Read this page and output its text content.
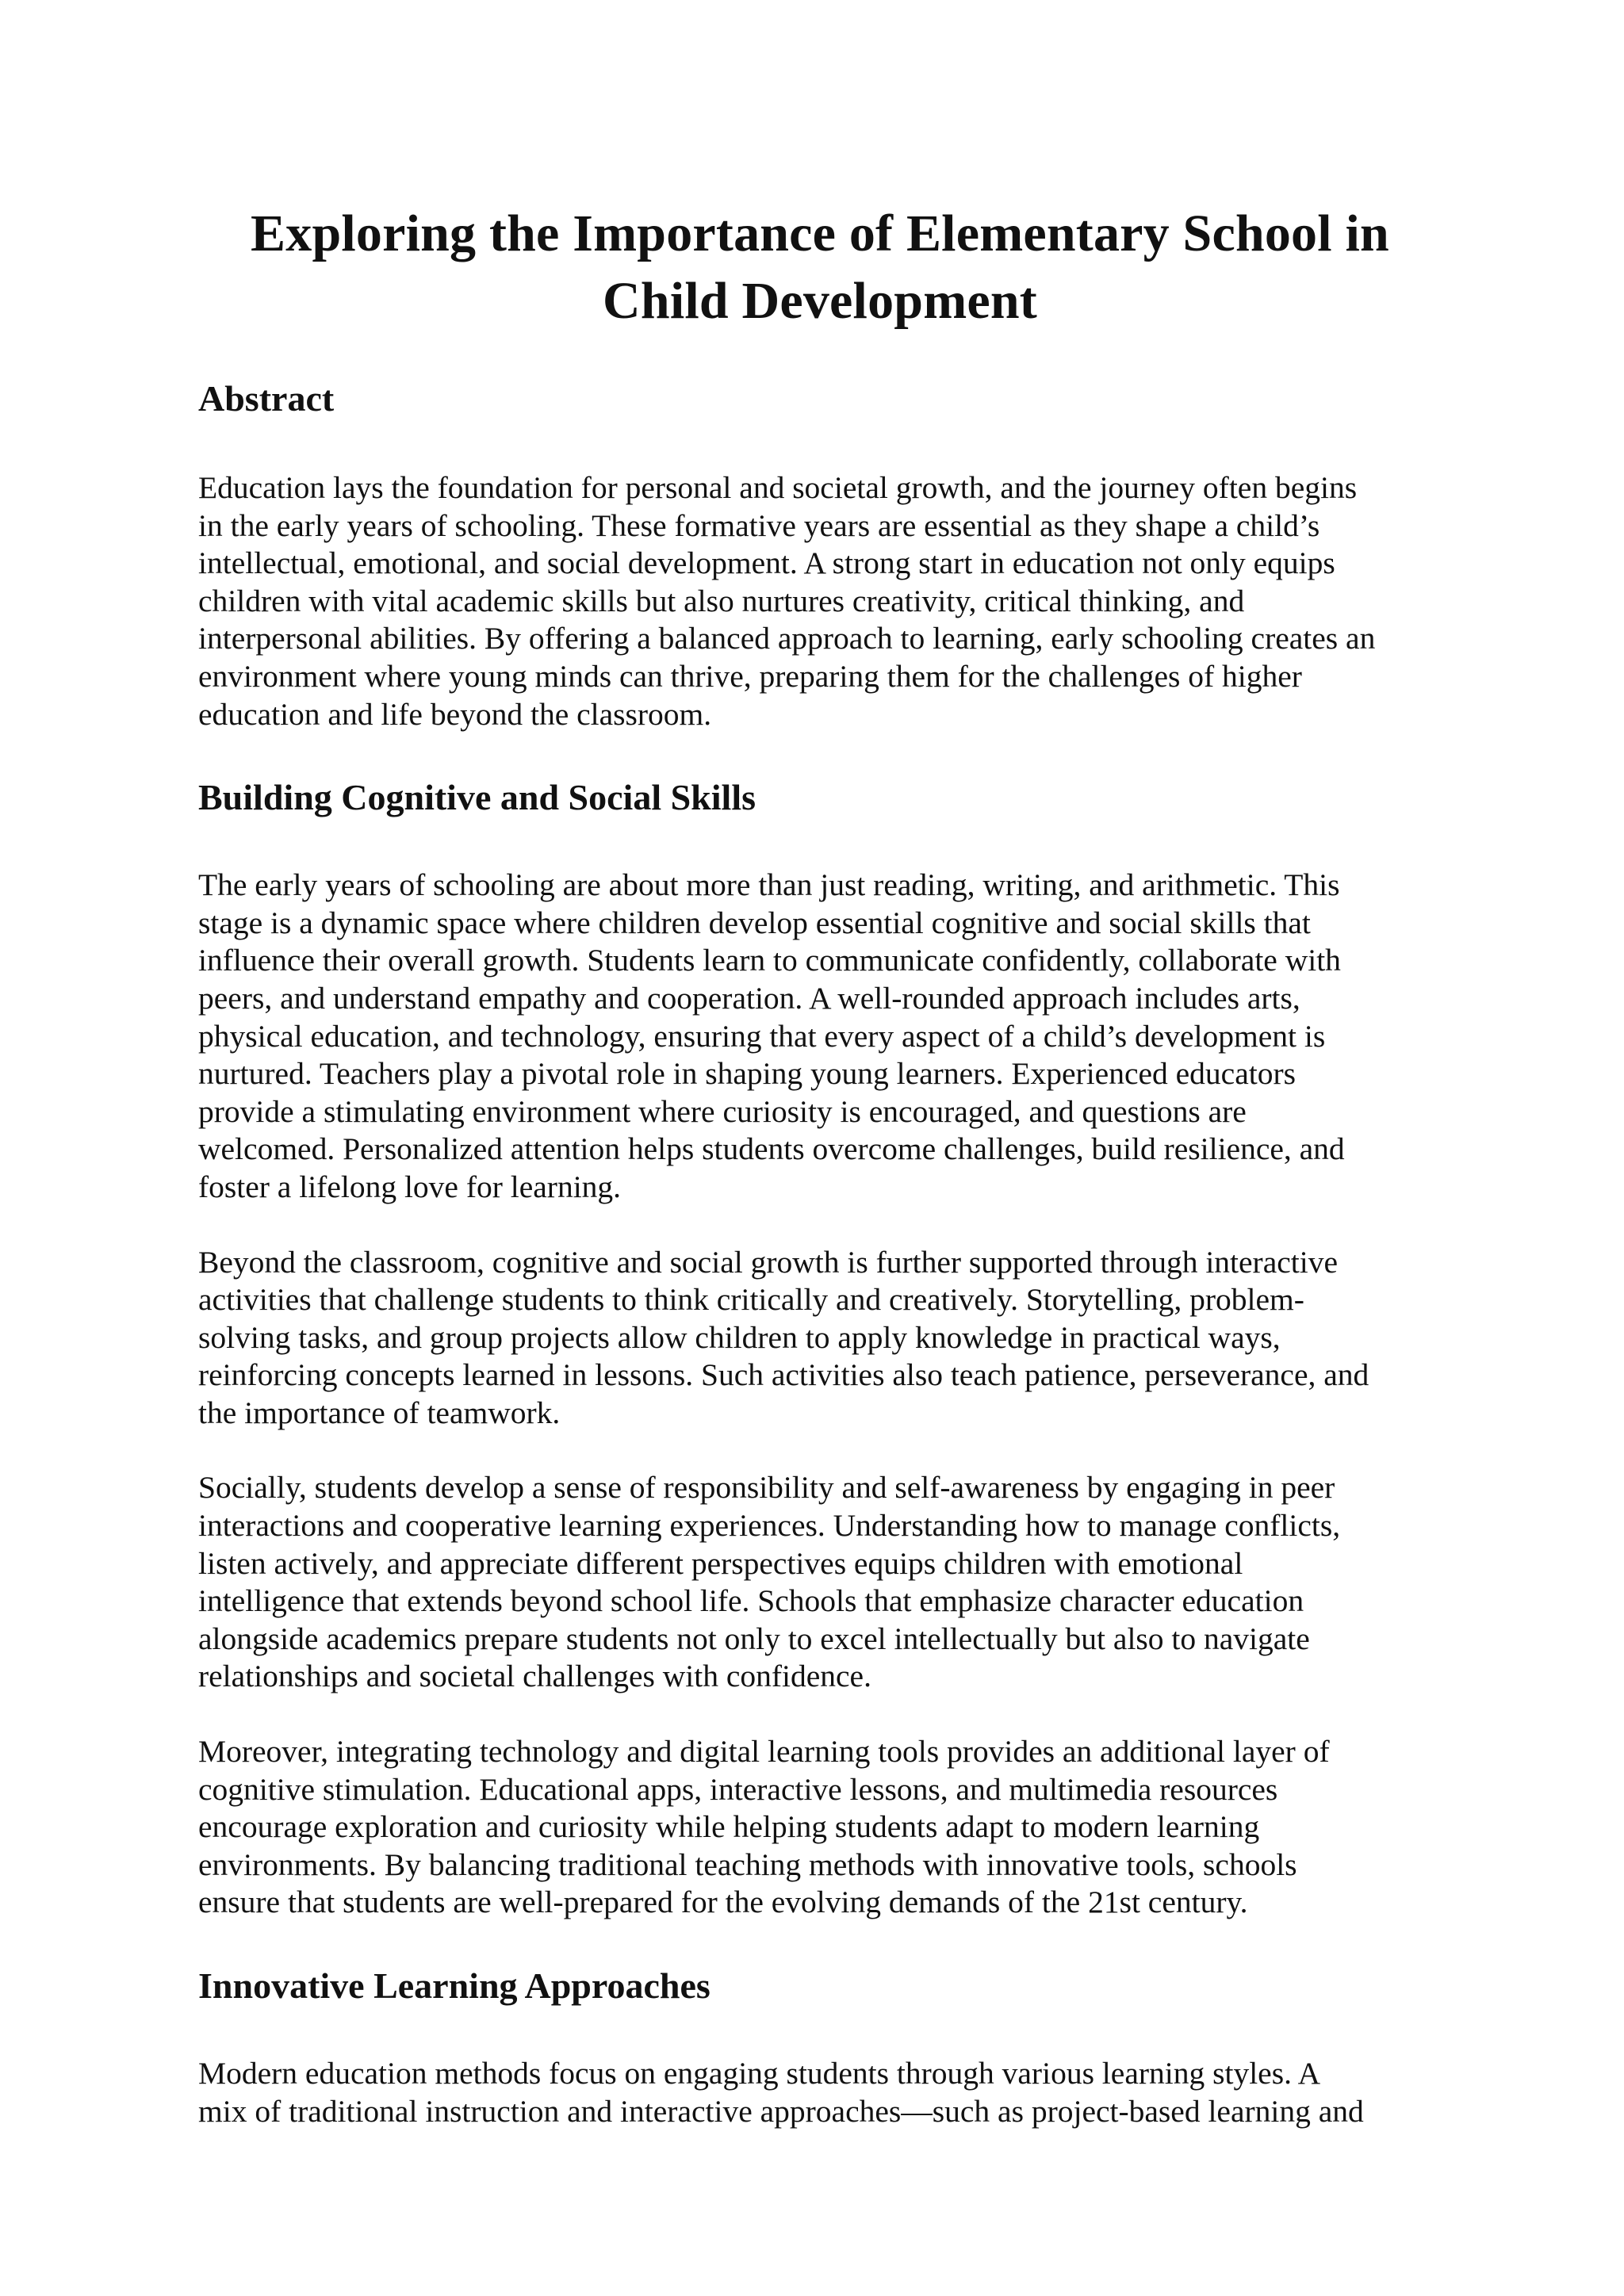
Exploring the Importance of Elementary School in
Child Development
Abstract

Education lays the foundation for personal and societal growth, and the journey often begins
in the early years of schooling. These formative years are essential as they shape a child’s
intellectual, emotional, and social development. A strong start in education not only equips
children with vital academic skills but also nurtures creativity, critical thinking, and
interpersonal abilities. By offering a balanced approach to learning, early schooling creates an
environment where young minds can thrive, preparing them for the challenges of higher
education and life beyond the classroom.

Building Cognitive and Social Skills

The early years of schooling are about more than just reading, writing, and arithmetic. This
stage is a dynamic space where children develop essential cognitive and social skills that
influence their overall growth. Students learn to communicate confidently, collaborate with
peers, and understand empathy and cooperation. A well-rounded approach includes arts,
physical education, and technology, ensuring that every aspect of a child’s development is
nurtured. Teachers play a pivotal role in shaping young learners. Experienced educators
provide a stimulating environment where curiosity is encouraged, and questions are
welcomed. Personalized attention helps students overcome challenges, build resilience, and
foster a lifelong love for learning.

Beyond the classroom, cognitive and social growth is further supported through interactive
activities that challenge students to think critically and creatively. Storytelling, problem-
solving tasks, and group projects allow children to apply knowledge in practical ways,
reinforcing concepts learned in lessons. Such activities also teach patience, perseverance, and
the importance of teamwork.

Socially, students develop a sense of responsibility and self-awareness by engaging in peer
interactions and cooperative learning experiences. Understanding how to manage conflicts,
listen actively, and appreciate different perspectives equips children with emotional
intelligence that extends beyond school life. Schools that emphasize character education
alongside academics prepare students not only to excel intellectually but also to navigate
relationships and societal challenges with confidence.

Moreover, integrating technology and digital learning tools provides an additional layer of
cognitive stimulation. Educational apps, interactive lessons, and multimedia resources
encourage exploration and curiosity while helping students adapt to modern learning
environments. By balancing traditional teaching methods with innovative tools, schools
ensure that students are well-prepared for the evolving demands of the 21st century.

Innovative Learning Approaches

Modern education methods focus on engaging students through various learning styles. A
mix of traditional instruction and interactive approaches—such as project-based learning and
